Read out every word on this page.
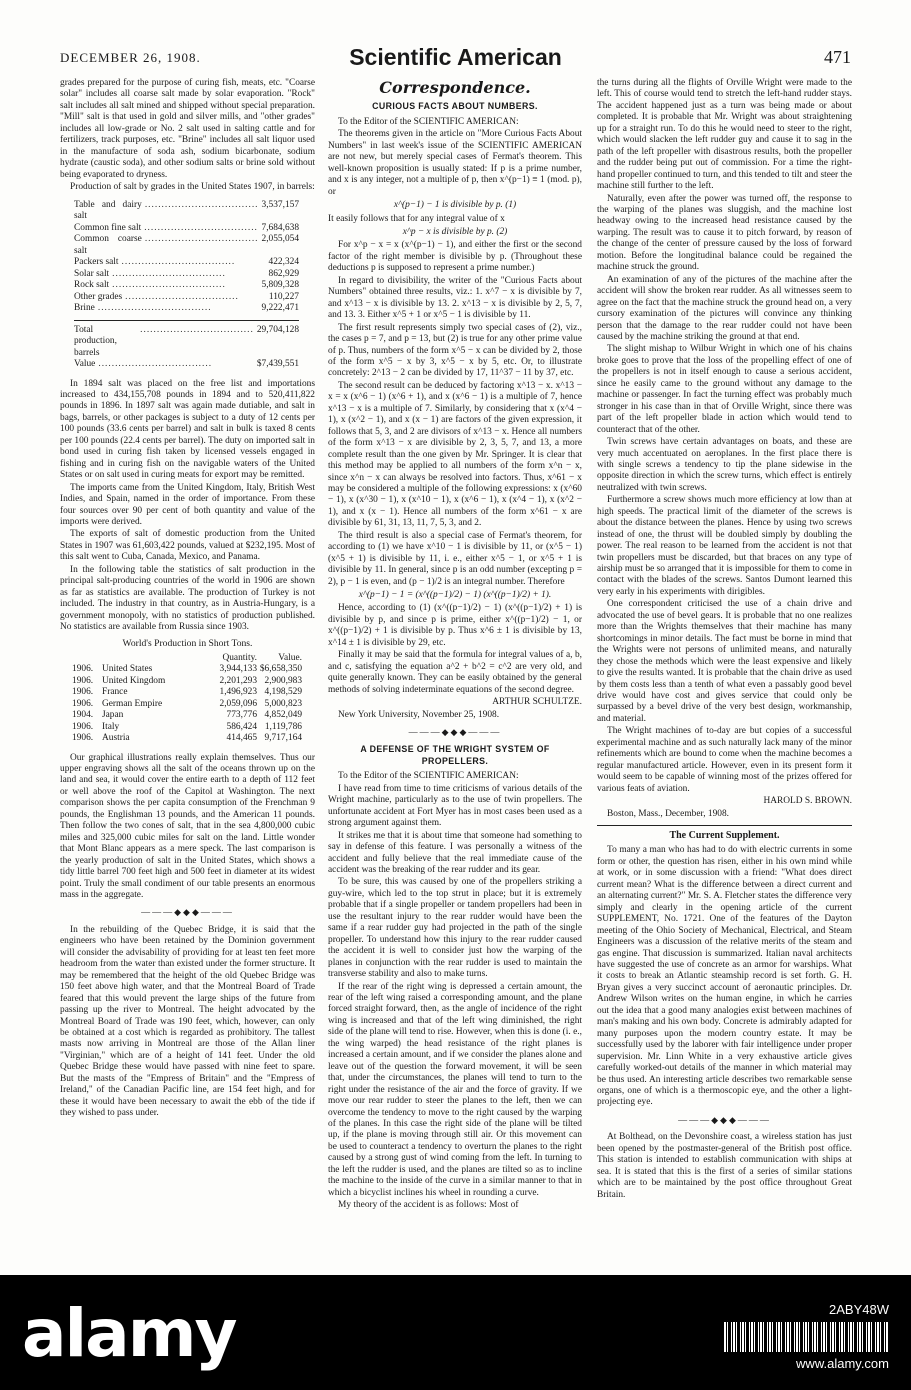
DECEMBER 26, 1908.	Scientific American	471

grades prepared for the purpose of curing fish, meats, etc. "Coarse solar" includes all coarse salt made by solar evaporation. "Rock" salt includes all salt mined and shipped without special preparation. "Mill" salt is that used in gold and silver mills, and "other grades" includes all low-grade or No. 2 salt used in salting cattle and for fertilizers, track purposes, etc. "Brine" includes all salt liquor used in the manufacture of soda ash, sodium bicarbonate, sodium hydrate (caustic soda), and other sodium salts or brine sold without being evaporated to dryness.

Production of salt by grades in the United States 1907, in barrels:

Table and dairy salt
.................................. 3,537,157
Common fine salt .................................. 7,684,638
Common coarse salt
.................................. 2,055,054
Packers salt ..................................	422,324
Solar salt ..................................	862,929
Rock salt ..................................	5,809,328
Other grades ..................................	110,227
Brine ..................................	9,222,471
Total production, barrels
.................................. 29,704,128
Value ..................................	$7,439,551

In 1894 salt was placed on the free list and importations increased to 434,155,708 pounds in 1894 and to 520,411,822 pounds in 1896. In 1897 salt was again made dutiable, and salt in bags, barrels, or other packages is subject to a duty of 12 cents per 100 pounds (33.6 cents per barrel) and salt in bulk is taxed 8 cents per 100 pounds (22.4 cents per barrel). The duty on imported salt in bond used in curing fish taken by licensed vessels engaged in fishing and in curing fish on the navigable waters of the United States or on salt used in curing meats for export may be remitted.

The imports came from the United Kingdom, Italy, British West Indies, and Spain, named in the order of importance. From these four sources over 90 per cent of both quantity and value of the imports were derived.

The exports of salt of domestic production from the United States in 1907 was 61,603,422 pounds, valued at $232,195. Most of this salt went to Cuba, Canada, Mexico, and Panama.

In the following table the statistics of salt production in the principal salt-producing countries of the world in 1906 are shown as far as statistics are available. The production of Turkey is not included. The industry in that country, as in Austria-Hungary, is a government monopoly, with no statistics of production published. No statistics are available from Russia since 1903.

World's Production in Short Tons.
Quantity.	Value.
1906. United States	3,944,133 $6,658,350
1906. United Kingdom	2,201,293 2,900,983
1906. France	1,496,923 4,198,529
1906. German Empire	2,059,096 5,000,823
1904. Japan	773,776 4,852,049
1906. Italy	586,424 1,119,786
1906. Austria	414,465 9,717,164

Our graphical illustrations really explain themselves. Thus our upper engraving shows all the salt of the oceans thrown up on the land and sea, it would cover the entire earth to a depth of 112 feet or well above the roof of the Capitol at Washington. The next comparison shows the per capita consumption of the Frenchman 9 pounds, the Englishman 13 pounds, and the American 11 pounds. Then follow the two cones of salt, that in the sea 4,800,000 cubic miles and 325,000 cubic miles for salt on the land. Little wonder that Mont Blanc appears as a mere speck. The last comparison is the yearly production of salt in the United States, which shows a tidy little barrel 700 feet high and 500 feet in diameter at its widest point. Truly the small condiment of our table presents an enormous mass in the aggregate.

———◆◆◆———

In the rebuilding of the Quebec Bridge, it is said that the engineers who have been retained by the Dominion government will consider the advisability of providing for at least ten feet more headroom from the water than existed under the former structure. It may be remembered that the height of the old Quebec Bridge was 150 feet above high water, and that the Montreal Board of Trade feared that this would prevent the large ships of the future from passing up the river to Montreal. The height advocated by the Montreal Board of Trade was 190 feet, which, however, can only be obtained at a cost which is regarded as prohibitory. The tallest masts now arriving in Montreal are those of the Allan liner "Virginian," which are of a height of 141 feet. Under the old Quebec Bridge these would have passed with nine feet to spare. But the masts of the "Empress of Britain" and the "Empress of Ireland," of the Canadian Pacific line, are 154 feet high, and for these it would have been necessary to await the ebb of the tide if they wished to pass under.

Correspondence.
CURIOUS FACTS ABOUT NUMBERS.

To the Editor of the SCIENTIFIC AMERICAN:

The theorems given in the article on "More Curious Facts About Numbers" in last week's issue of the SCIENTIFIC AMERICAN are not new, but merely special cases of Fermat's theorem. This well-known proposition is usually stated: If p is a prime number, and x is any integer, not a multiple of p, then x^(p−1) ≡ 1 (mod. p), or

x^(p−1) − 1 is divisible by p. (1)

It easily follows that for any integral value of x

x^p − x is divisible by p. (2)

For x^p − x = x (x^(p−1) − 1), and either the first or the second factor of the right member is divisible by p. (Throughout these deductions p is supposed to represent a prime number.)

In regard to divisibility, the writer of the "Curious Facts about Numbers" obtained three results, viz.: 1. x^7 − x is divisible by 7, and x^13 − x is divisible by 13. 2. x^13 − x is divisible by 2, 5, 7, and 13. 3. Either x^5 + 1 or x^5 − 1 is divisible by 11.

The first result represents simply two special cases of (2), viz., the cases p = 7, and p = 13, but (2) is true for any other prime value of p. Thus, numbers of the form x^5 − x can be divided by 2, those of the form x^5 − x by 3, x^5 − x by 5, etc. Or, to illustrate concretely: 2^13 − 2 can be divided by 17, 11^37 − 11 by 37, etc.

The second result can be deduced by factoring x^13 − x. x^13 − x = x (x^6 − 1) (x^6 + 1), and x (x^6 − 1) is a multiple of 7, hence x^13 − x is a multiple of 7. Similarly, by considering that x (x^4 − 1), x (x^2 − 1), and x (x − 1) are factors of the given expression, it follows that 5, 3, and 2 are divisors of x^13 − x. Hence all numbers of the form x^13 − x are divisible by 2, 3, 5, 7, and 13, a more complete result than the one given by Mr. Springer. It is clear that this method may be applied to all numbers of the form x^n − x, since x^n − x can always be resolved into factors. Thus, x^61 − x may be considered a multiple of the following expressions: x (x^60 − 1), x (x^30 − 1), x (x^10 − 1), x (x^6 − 1), x (x^4 − 1), x (x^2 − 1), and x (x − 1). Hence all numbers of the form x^61 − x are divisible by 61, 31, 13, 11, 7, 5, 3, and 2.

The third result is also a special case of Fermat's theorem, for according to (1) we have x^10 − 1 is divisible by 11, or (x^5 − 1) (x^5 + 1) is divisible by 11, i. e., either x^5 − 1, or x^5 + 1 is divisible by 11. In general, since p is an odd number (excepting p = 2), p − 1 is even, and (p − 1)/2 is an integral number. Therefore

x^(p−1) − 1 = (x^((p−1)/2) − 1) (x^((p−1)/2) + 1).

Hence, according to (1) (x^((p−1)/2) − 1) (x^((p−1)/2) + 1) is divisible by p, and since p is prime, either x^((p−1)/2) − 1, or x^((p−1)/2) + 1 is divisible by p. Thus x^6 ± 1 is divisible by 13, x^14 ± 1 is divisible by 29, etc.

Finally it may be said that the formula for integral values of a, b, and c, satisfying the equation a^2 + b^2 = c^2 are very old, and quite generally known. They can be easily obtained by the general methods of solving indeterminate equations of the second degree.

ARTHUR SCHULTZE.

New York University, November 25, 1908.

———◆◆◆———
A DEFENSE OF THE WRIGHT SYSTEM OF PROPELLERS.

To the Editor of the SCIENTIFIC AMERICAN:

I have read from time to time criticisms of various details of the Wright machine, particularly as to the use of twin propellers. The unfortunate accident at Fort Myer has in most cases been used as a strong argument against them.

It strikes me that it is about time that someone had something to say in defense of this feature. I was personally a witness of the accident and fully believe that the real immediate cause of the accident was the breaking of the rear rudder and its gear.

To be sure, this was caused by one of the propellers striking a guy-wire, which led to the top strut in place; but it is extremely probable that if a single propeller or tandem propellers had been in use the resultant injury to the rear rudder would have been the same if a rear rudder guy had projected in the path of the single propeller. To understand how this injury to the rear rudder caused the accident it is well to consider just how the warping of the planes in conjunction with the rear rudder is used to maintain the transverse stability and also to make turns.

If the rear of the right wing is depressed a certain amount, the rear of the left wing raised a corresponding amount, and the plane forced straight forward, then, as the angle of incidence of the right wing is increased and that of the left wing diminished, the right side of the plane will tend to rise. However, when this is done (i. e., the wing warped) the head resistance of the right planes is increased a certain amount, and if we consider the planes alone and leave out of the question the forward movement, it will be seen that, under the circumstances, the planes will tend to turn to the right under the resistance of the air and the force of gravity. If we move our rear rudder to steer the planes to the left, then we can overcome the tendency to move to the right caused by the warping of the planes. In this case the right side of the plane will be tilted up, if the plane is moving through still air. Or this movement can be used to counteract a tendency to overturn the planes to the right caused by a strong gust of wind coming from the left. In turning to the left the rudder is used, and the planes are tilted so as to incline the machine to the inside of the curve in a similar manner to that in which a bicyclist inclines his wheel in rounding a curve.

My theory of the accident is as follows: Most of

the turns during all the flights of Orville Wright were made to the left. This of course would tend to stretch the left-hand rudder stays. The accident happened just as a turn was being made or about completed. It is probable that Mr. Wright was about straightening up for a straight run. To do this he would need to steer to the right, which would slacken the left rudder guy and cause it to sag in the path of the left propeller with disastrous results, both the propeller and the rudder being put out of commission. For a time the right-hand propeller continued to turn, and this tended to tilt and steer the machine still further to the left.

Naturally, even after the power was turned off, the response to the warping of the planes was sluggish, and the machine lost headway owing to the increased head resistance caused by the warping. The result was to cause it to pitch forward, by reason of the change of the center of pressure caused by the loss of forward motion. Before the longitudinal balance could be regained the machine struck the ground.

An examination of any of the pictures of the machine after the accident will show the broken rear rudder. As all witnesses seem to agree on the fact that the machine struck the ground head on, a very cursory examination of the pictures will convince any thinking person that the damage to the rear rudder could not have been caused by the machine striking the ground at that end.

The slight mishap to Wilbur Wright in which one of his chains broke goes to prove that the loss of the propelling effect of one of the propellers is not in itself enough to cause a serious accident, since he easily came to the ground without any damage to the machine or passenger. In fact the turning effect was probably much stronger in his case than in that of Orville Wright, since there was part of the left propeller blade in action which would tend to counteract that of the other.

Twin screws have certain advantages on boats, and these are very much accentuated on aeroplanes. In the first place there is with single screws a tendency to tip the plane sidewise in the opposite direction in which the screw turns, which effect is entirely neutralized with twin screws.

Furthermore a screw shows much more efficiency at low than at high speeds. The practical limit of the diameter of the screws is about the distance between the planes. Hence by using two screws instead of one, the thrust will be doubled simply by doubling the power. The real reason to be learned from the accident is not that twin propellers must be discarded, but that braces on any type of airship must be so arranged that it is impossible for them to come in contact with the blades of the screws. Santos Dumont learned this very early in his experiments with dirigibles.

One correspondent criticised the use of a chain drive and advocated the use of bevel gears. It is probable that no one realizes more than the Wrights themselves that their machine has many shortcomings in minor details. The fact must be borne in mind that the Wrights were not persons of unlimited means, and naturally they chose the methods which were the least expensive and likely to give the results wanted. It is probable that the chain drive as used by them costs less than a tenth of what even a passably good bevel drive would have cost and gives service that could only be surpassed by a bevel drive of the very best design, workmanship, and material.

The Wright machines of to-day are but copies of a successful experimental machine and as such naturally lack many of the minor refinements which are bound to come when the machine becomes a regular manufactured article. However, even in its present form it would seem to be capable of winning most of the prizes offered for various feats of aviation.

HAROLD S. BROWN.

Boston, Mass., December, 1908.

The Current Supplement.

To many a man who has had to do with electric currents in some form or other, the question has risen, either in his own mind while at work, or in some discussion with a friend: "What does direct current mean? What is the difference between a direct current and an alternating current?" Mr. S. A. Fletcher states the difference very simply and clearly in the opening article of the current SUPPLEMENT, No. 1721. One of the features of the Dayton meeting of the Ohio Society of Mechanical, Electrical, and Steam Engineers was a discussion of the relative merits of the steam and gas engine. That discussion is summarized. Italian naval architects have suggested the use of concrete as an armor for warships. What it costs to break an Atlantic steamship record is set forth. G. H. Bryan gives a very succinct account of aeronautic principles. Dr. Andrew Wilson writes on the human engine, in which he carries out the idea that a good many analogies exist between machines of man's making and his own body. Concrete is admirably adapted for many purposes upon the modern country estate. It may be successfully used by the laborer with fair intelligence under proper supervision. Mr. Linn White in a very exhaustive article gives carefully worked-out details of the manner in which material may be thus used. An interesting article describes two remarkable sense organs, one of which is a thermoscopic eye, and the other a light-projecting eye.

———◆◆◆———

At Bolthead, on the Devonshire coast, a wireless station has just been opened by the postmaster-general of the British post office. This station is intended to establish communication with ships at sea. It is stated that this is the first of a series of similar stations which are to be maintained by the post office throughout Great Britain.

alamy	2ABY48W
www.alamy.com
